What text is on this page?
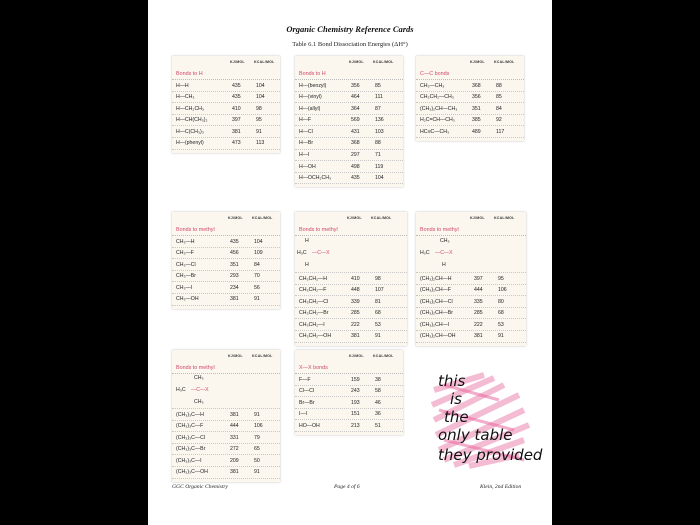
Organic Chemistry Reference Cards
Table 6.1 Bond Dissociation Energies (ΔH°)
KJ/MOL	KCAL/MOL
Bonds to H
H—H	435	104
H—CH₃	435	104
H—CH₂CH₃	410	98
H—CH(CH₃)₂	397	95
H—C(CH₃)₃	381	91
H—(phenyl)	473	113
KJ/MOL	KCAL/MOL
Bonds to H
H—(benzyl)	356	85
H—(vinyl)	464	111
H—(allyl)	364	87
H—F	569	136
H—Cl	431	103
H—Br	368	88
H—I	297	71
H—OH	498	119
H—OCH₂CH₃	435	104
KJ/MOL	KCAL/MOL
C—C bonds
CH₃—CH₃	368	88
CH₃CH₂—CH₃	356	85
(CH₃)₂CH—CH₃	351	84
H₂C=CH—CH₃	385	92
HC≡C—CH₃	489	117
KJ/MOL	KCAL/MOL
Bonds to methyl
CH₃—H	435	104
CH₃—F	456	109
CH₃—Cl	351	84
CH₃—Br	293	70
CH₃—I	234	56
CH₃—OH	381	91
KJ/MOL	KCAL/MOL
Bonds to methyl
H
H
H₃C —C—X
CH₃CH₂—H	410	98
CH₃CH₂—F	448	107
CH₃CH₂—Cl	339	81
CH₃CH₂—Br	285	68
CH₃CH₂—I	222	53
CH₃CH₂—OH	381	91
KJ/MOL	KCAL/MOL
Bonds to methyl
CH₃
H
H₃C —C—X
(CH₃)₂CH—H	397	95
(CH₃)₂CH—F	444	106
(CH₃)₂CH—Cl	335	80
(CH₃)₂CH—Br	285	68
(CH₃)₂CH—I	222	53
(CH₃)₂CH—OH	381	91
KJ/MOL	KCAL/MOL
Bonds to methyl
CH₃
CH₃
H₃C —C—X
(CH₃)₃C—H	381	91
(CH₃)₃C—F	444	106
(CH₃)₃C—Cl	331	79
(CH₃)₃C—Br	272	65
(CH₃)₃C—I	209	50
(CH₃)₃C—OH	381	91
KJ/MOL	KCAL/MOL
X—X bonds
F—F	159	38
Cl—Cl	243	58
Br—Br	193	46
I—I	151	36
HO—OH	213	51
this
is
the
only table
they provided
GGC Organic Chemistry	Page 4 of 6	Klein, 2nd Edition
